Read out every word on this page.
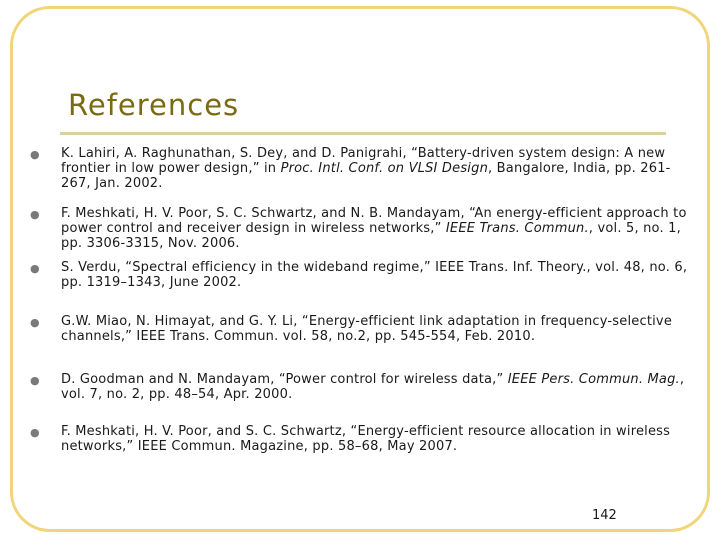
References
●
K. Lahiri, A. Raghunathan, S. Dey, and D. Panigrahi, “Battery-driven system design: A new frontier in low power design,” in Proc. Intl. Conf. on VLSI Design, Bangalore, India, pp. 261-267, Jan. 2002.
●
F. Meshkati, H. V. Poor, S. C. Schwartz, and N. B. Mandayam, “An energy-efficient approach to power control and receiver design in wireless networks,” IEEE Trans. Commun., vol. 5, no. 1, pp. 3306-3315, Nov. 2006.
●
S. Verdu, “Spectral efficiency in the wideband regime,” IEEE Trans. Inf. Theory., vol. 48, no. 6, pp. 1319–1343, June 2002.
●
G.W. Miao, N. Himayat, and G. Y. Li, “Energy-efficient link adaptation in frequency-selective channels,” IEEE Trans. Commun. vol. 58, no.2, pp. 545-554, Feb. 2010.
●
D. Goodman and N. Mandayam, “Power control for wireless data,” IEEE Pers. Commun. Mag., vol. 7, no. 2, pp. 48–54, Apr. 2000.
●
F. Meshkati, H. V. Poor, and S. C. Schwartz, “Energy-efficient resource allocation in wireless networks,” IEEE Commun. Magazine, pp. 58–68, May 2007.
142
